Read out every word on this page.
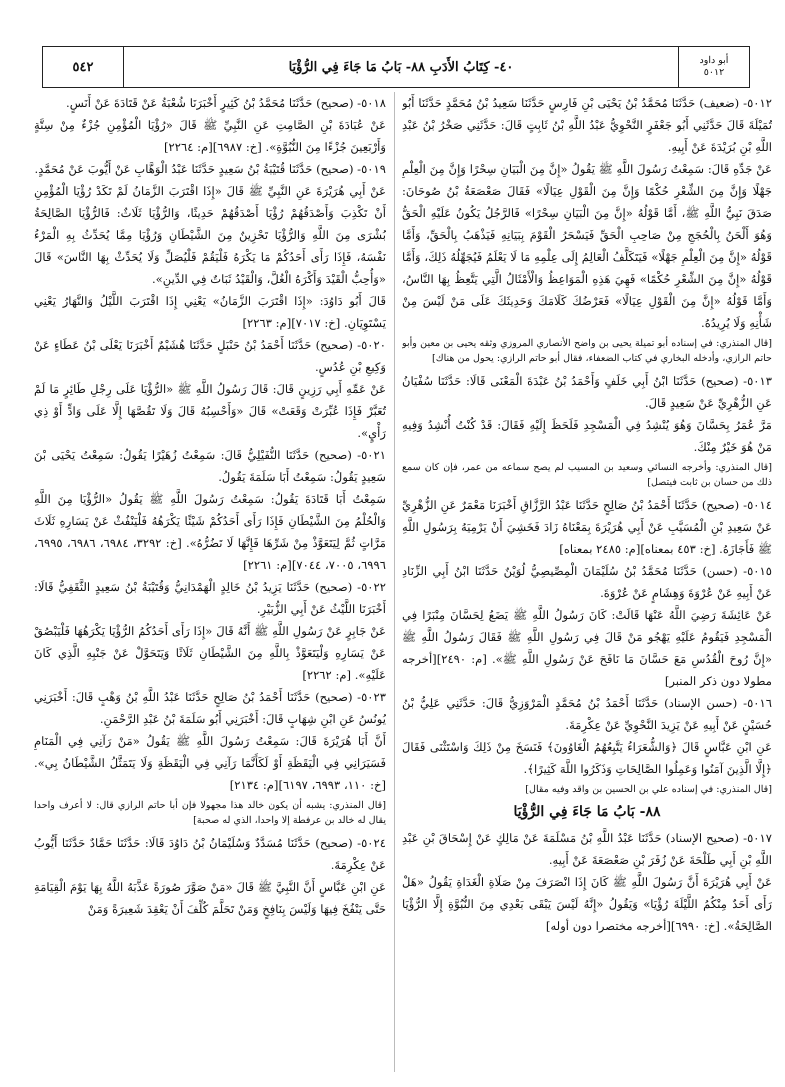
أبو داود
٥٠١٢
٤٠- كِتَابُ الأَدَبِ ٨٨- بَابُ مَا جَاءَ فِي الرُّؤْيَا
٥٤٢
٥٠١٢- (ضعيف) حَدَّثَنَا مُحَمَّدُ بْنُ يَحْيَى بْنِ فَارِسٍ حَدَّثَنَا سَعِيدُ بْنُ مُحَمَّدٍ حَدَّثَنَا أَبُو تُمَيْلَةَ قَالَ حَدَّثَنِي أَبُو جَعْفَرٍ النَّحْوِيُّ عَبْدُ اللَّهِ بْنُ ثَابِتٍ قَالَ: حَدَّثَنِي صَخْرُ بْنُ عَبْدِ اللَّهِ بْنِ بُرَيْدَةَ عَنْ أَبِيهِ.
عَنْ جَدِّهِ قَالَ: سَمِعْتُ رَسُولَ اللَّهِ ﷺ يَقُولُ «إِنَّ مِنَ الْبَيَانِ سِحْرًا وَإِنَّ مِنَ الْعِلْمِ جَهْلًا وَإِنَّ مِنَ الشِّعْرِ حُكْمًا وَإِنَّ مِنَ الْقَوْلِ عِيَالًا» فَقَالَ صَعْصَعَةُ بْنُ صُوحَانَ: صَدَقَ نَبِيُّ اللَّهِ ﷺ، أَمَّا قَوْلُهُ «إِنَّ مِنَ الْبَيَانِ سِحْرًا» فَالرَّجُلُ يَكُونُ عَلَيْهِ الْحَقُّ وَهُوَ أَلْحَنُ بِالْحُجَجِ مِنْ صَاحِبِ الْحَقِّ فَيَسْحَرُ الْقَوْمَ بِبَيَانِهِ فَيَذْهَبُ بِالْحَقِّ، وَأَمَّا قَوْلُهُ «إِنَّ مِنَ الْعِلْمِ جَهْلًا» فَيَتَكَلَّفُ الْعَالِمُ إِلَى عِلْمِهِ مَا لَا يَعْلَمُ فَيُجَهِّلُهُ ذَلِكَ، وَأَمَّا قَوْلُهُ «إِنَّ مِنَ الشِّعْرِ حُكْمًا» فَهِيَ هَذِهِ الْمَوَاعِظُ وَالْأَمْثَالُ الَّتِي يَتَّعِظُ بِهَا النَّاسُ، وَأَمَّا قَوْلُهُ «إِنَّ مِنَ الْقَوْلِ عِيَالًا» فَعَرْضُكَ كَلَامَكَ وَحَدِيثَكَ عَلَى مَنْ لَيْسَ مِنْ شَأْنِهِ وَلَا يُرِيدُهُ.
[قال المنذري: في إسناده أبو تميلة يحيى بن واضح الأنصاري المروزي وثقه يحيى بن معين وأبو حاتم الرازي، وأدخله البخاري في كتاب الضعفاء، فقال أبو حاتم الرازي: يحول من هناك]
٥٠١٣- (صحيح) حَدَّثَنَا ابْنُ أَبِي خَلَفٍ وَأَحْمَدُ بْنُ عَبْدَةَ الْمَعْنَى قَالَا: حَدَّثَنَا سُفْيَانُ عَنِ الزُّهْرِيِّ عَنْ سَعِيدٍ قَالَ.
مَرَّ عُمَرُ بِحَسَّانَ وَهُوَ يُنْشِدُ فِي الْمَسْجِدِ فَلَحَظَ إِلَيْهِ فَقَالَ: قَدْ كُنْتُ أُنْشِدُ وَفِيهِ مَنْ هُوَ خَيْرٌ مِنْكَ.
[قال المنذري: وأخرجه النسائي وسعيد بن المسيب لم يصح سماعه من عمر، فإن كان سمع ذلك من حسان بن ثابت فيتصل]
٥٠١٤- (صحيح) حَدَّثَنَا أَحْمَدُ بْنُ صَالِحٍ حَدَّثَنَا عَبْدُ الرَّزَّاقِ أَخْبَرَنَا مَعْمَرٌ عَنِ الزُّهْرِيِّ عَنْ سَعِيدِ بْنِ الْمُسَيَّبِ عَنْ أَبِي هُرَيْرَةَ بِمَعْنَاهُ زَادَ فَخَشِيَ أَنْ يَرْمِيَهُ بِرَسُولِ اللَّهِ ﷺ فَأَجَازَهُ. [خ: ٤٥٣ بمعناه][م: ٢٤٨٥ بمعناه]
٥٠١٥- (حسن) حَدَّثَنَا مُحَمَّدُ بْنُ سُلَيْمَانَ الْمِصِّيصِيُّ لُوَيْنٌ حَدَّثَنَا ابْنُ أَبِي الزِّنَادِ عَنْ أَبِيهِ عَنْ عُرْوَةَ وَهِشَامٍ عَنْ عُرْوَةَ.
عَنْ عَائِشَةَ رَضِيَ اللَّهُ عَنْهَا قَالَتْ: كَانَ رَسُولُ اللَّهِ ﷺ يَضَعُ لِحَسَّانَ مِنْبَرًا فِي الْمَسْجِدِ فَيَقُومُ عَلَيْهِ يَهْجُو مَنْ قَالَ فِي رَسُولِ اللَّهِ ﷺ فَقَالَ رَسُولُ اللَّهِ ﷺ «إِنَّ رُوحَ الْقُدُسِ مَعَ حَسَّانَ مَا نَافَحَ عَنْ رَسُولِ اللَّهِ ﷺ». [م: ٢٤٩٠][أخرجه مطولا دون ذكر المنبر]
٥٠١٦- (حسن الإسناد) حَدَّثَنَا أَحْمَدُ بْنُ مُحَمَّدٍ الْمَرْوَزِيُّ قَالَ: حَدَّثَنِي عَلِيُّ بْنُ حُسَيْنٍ عَنْ أَبِيهِ عَنْ يَزِيدَ النَّحْوِيِّ عَنْ عِكْرِمَةَ.
عَنِ ابْنِ عَبَّاسٍ قَالَ ﴿وَالشُّعَرَاءُ يَتَّبِعُهُمُ الْغَاوُونَ﴾ فَنَسَخَ مِنْ ذَلِكَ وَاسْتَثْنَى فَقَالَ ﴿إِلَّا الَّذِينَ آمَنُوا وَعَمِلُوا الصَّالِحَاتِ وَذَكَرُوا اللَّهَ كَثِيرًا﴾.
[قال المنذري: في إسناده علي بن الحسين بن واقد وفيه مقال]
٨٨- بَابُ مَا جَاءَ فِي الرُّؤْيَا
٥٠١٧- (صحيح الإسناد) حَدَّثَنَا عَبْدُ اللَّهِ بْنُ مَسْلَمَةَ عَنْ مَالِكٍ عَنْ إِسْحَاقَ بْنِ عَبْدِ اللَّهِ بْنِ أَبِي طَلْحَةَ عَنْ زُفَرَ بْنِ صَعْصَعَةَ عَنْ أَبِيهِ.
عَنْ أَبِي هُرَيْرَةَ أَنَّ رَسُولَ اللَّهِ ﷺ كَانَ إِذَا انْصَرَفَ مِنْ صَلَاةِ الْغَدَاةِ يَقُولُ «هَلْ رَأَى أَحَدٌ مِنْكُمُ اللَّيْلَةَ رُؤْيَا» وَيَقُولُ «إِنَّهُ لَيْسَ يَبْقَى بَعْدِي مِنَ النُّبُوَّةِ إِلَّا الرُّؤْيَا الصَّالِحَةُ». [خ: ٦٩٩٠][أخرجه مختصرا دون أوله]
٥٠١٨- (صحيح) حَدَّثَنَا مُحَمَّدُ بْنُ كَثِيرٍ أَخْبَرَنَا شُعْبَةُ عَنْ قَتَادَةَ عَنْ أَنَسٍ.
عَنْ عُبَادَةَ بْنِ الصَّامِتِ عَنِ النَّبِيِّ ﷺ قَالَ «رُؤْيَا الْمُؤْمِنِ جُزْءٌ مِنْ سِتَّةٍ وَأَرْبَعِينَ جُزْءًا مِنَ النُّبُوَّةِ». [خ: ٦٩٨٧][م: ٢٢٦٤]
٥٠١٩- (صحيح) حَدَّثَنَا قُتَيْبَةُ بْنُ سَعِيدٍ حَدَّثَنَا عَبْدُ الْوَهَّابِ عَنْ أَيُّوبَ عَنْ مُحَمَّدٍ.
عَنْ أَبِي هُرَيْرَةَ عَنِ النَّبِيِّ ﷺ قَالَ «إِذَا اقْتَرَبَ الزَّمَانُ لَمْ تَكَدْ رُؤْيَا الْمُؤْمِنِ أَنْ تَكْذِبَ وَأَصْدَقُهُمْ رُؤْيَا أَصْدَقُهُمْ حَدِيثًا، وَالرُّؤْيَا ثَلَاثٌ: فَالرُّؤْيَا الصَّالِحَةُ بُشْرَى مِنَ اللَّهِ وَالرُّؤْيَا تَحْزِينٌ مِنَ الشَّيْطَانِ وَرُؤْيَا مِمَّا يُحَدِّثُ بِهِ الْمَرْءُ نَفْسَهُ، فَإِذَا رَأَى أَحَدُكُمْ مَا يَكْرَهُ فَلْيَقُمْ فَلْيُصَلِّ وَلَا يُحَدِّثْ بِهَا النَّاسَ» قَالَ «وَأُحِبُّ الْقَيْدَ وَأَكْرَهُ الْغُلَّ، وَالْقَيْدُ ثَبَاتٌ فِي الدِّينِ».
قَالَ أَبُو دَاوُدَ: «إِذَا اقْتَرَبَ الزَّمَانُ» يَعْنِي إِذَا اقْتَرَبَ اللَّيْلُ وَالنَّهَارُ يَعْنِي يَسْتَوِيَانِ. [خ: ٧٠١٧][م: ٢٢٦٣]
٥٠٢٠- (صحيح) حَدَّثَنَا أَحْمَدُ بْنُ حَنْبَلٍ حَدَّثَنَا هُشَيْمٌ أَخْبَرَنَا يَعْلَى بْنُ عَطَاءٍ عَنْ وَكِيعِ بْنِ عُدُسٍ.
عَنْ عَمِّهِ أَبِي رَزِينٍ قَالَ: قَالَ رَسُولُ اللَّهِ ﷺ «الرُّؤْيَا عَلَى رِجْلِ طَائِرٍ مَا لَمْ تُعَبَّرْ فَإِذَا عُبِّرَتْ وَقَعَتْ» قَالَ «وَأَحْسِبُهُ قَالَ وَلَا تَقُصَّهَا إِلَّا عَلَى وَادٍّ أَوْ ذِي رَأْيٍ».
٥٠٢١- (صحيح) حَدَّثَنَا النُّفَيْلِيُّ قَالَ: سَمِعْتُ زُهَيْرًا يَقُولُ: سَمِعْتُ يَحْيَى بْنَ سَعِيدٍ يَقُولُ: سَمِعْتُ أَبَا سَلَمَةَ يَقُولُ.
سَمِعْتُ أَبَا قَتَادَةَ يَقُولُ: سَمِعْتُ رَسُولَ اللَّهِ ﷺ يَقُولُ «الرُّؤْيَا مِنَ اللَّهِ وَالْحُلْمُ مِنَ الشَّيْطَانِ فَإِذَا رَأَى أَحَدُكُمْ شَيْئًا يَكْرَهُهُ فَلْيَنْفُثْ عَنْ يَسَارِهِ ثَلَاثَ مَرَّاتٍ ثُمَّ لِيَتَعَوَّذْ مِنْ شَرِّهَا فَإِنَّهَا لَا تَضُرُّهُ». [خ: ٣٢٩٢، ٦٩٨٤، ٦٩٨٦، ٦٩٩٥، ٦٩٩٦، ٧٠٠٥، ٧٠٤٤][م: ٢٢٦١]
٥٠٢٢- (صحيح) حَدَّثَنَا يَزِيدُ بْنُ خَالِدٍ الْهَمْدَانِيُّ وَقُتَيْبَةُ بْنُ سَعِيدٍ الثَّقَفِيُّ قَالَا: أَخْبَرَنَا اللَّيْثُ عَنْ أَبِي الزُّبَيْرِ.
عَنْ جَابِرٍ عَنْ رَسُولِ اللَّهِ ﷺ أَنَّهُ قَالَ «إِذَا رَأَى أَحَدُكُمُ الرُّؤْيَا يَكْرَهُهَا فَلْيَبْصُقْ عَنْ يَسَارِهِ وَلْيَتَعَوَّذْ بِاللَّهِ مِنَ الشَّيْطَانِ ثَلَاثًا وَيَتَحَوَّلْ عَنْ جَنْبِهِ الَّذِي كَانَ عَلَيْهِ». [م: ٢٢٦٢]
٥٠٢٣- (صحيح) حَدَّثَنَا أَحْمَدُ بْنُ صَالِحٍ حَدَّثَنَا عَبْدُ اللَّهِ بْنُ وَهْبٍ قَالَ: أَخْبَرَنِي يُونُسُ عَنِ ابْنِ شِهَابٍ قَالَ: أَخْبَرَنِي أَبُو سَلَمَةَ بْنُ عَبْدِ الرَّحْمَنِ.
أَنَّ أَبَا هُرَيْرَةَ قَالَ: سَمِعْتُ رَسُولَ اللَّهِ ﷺ يَقُولُ «مَنْ رَآنِي فِي الْمَنَامِ فَسَيَرَانِي فِي الْيَقَظَةِ أَوْ لَكَأَنَّمَا رَآنِي فِي الْيَقَظَةِ وَلَا يَتَمَثَّلُ الشَّيْطَانُ بِي». [خ: ١١٠، ٦٩٩٣، ٦١٩٧][م: ٢١٣٤]
[قال المنذري: يشبه أن يكون خالد هذا مجهولا فإن أبا حاتم الرازي قال: لا أعرف واحدا يقال له خالد بن عرفطة إلا واحدا، الذي له صحبة]
٥٠٢٤- (صحيح) حَدَّثَنَا مُسَدَّدٌ وَسُلَيْمَانُ بْنُ دَاوُدَ قَالَا: حَدَّثَنَا حَمَّادٌ حَدَّثَنَا أَيُّوبُ عَنْ عِكْرِمَةَ.
عَنِ ابْنِ عَبَّاسٍ أَنَّ النَّبِيَّ ﷺ قَالَ «مَنْ صَوَّرَ صُورَةً عَذَّبَهُ اللَّهُ بِهَا يَوْمَ الْقِيَامَةِ حَتَّى يَنْفُخَ فِيهَا وَلَيْسَ بِنَافِخٍ وَمَنْ تَحَلَّمَ كُلِّفَ أَنْ يَعْقِدَ شَعِيرَةً وَمَنْ
